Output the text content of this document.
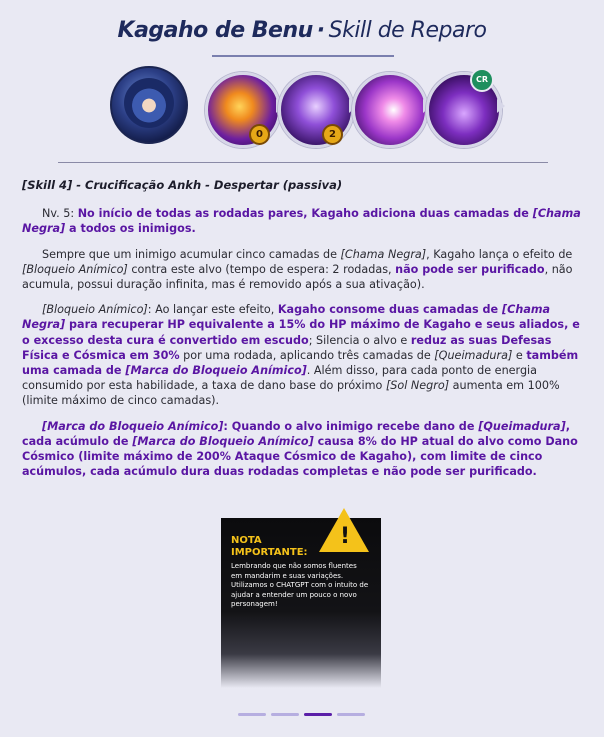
Kagaho de Benu · Skill de Reparo
0	2
CR

[Skill 4] - Crucificação Ankh - Despertar (passiva)

Nv. 5: No início de todas as rodadas pares, Kagaho adiciona duas camadas de [Chama Negra] a todos os inimigos.

Sempre que um inimigo acumular cinco camadas de [Chama Negra], Kagaho lança o efeito de [Bloqueio Anímico] contra este alvo (tempo de espera: 2 rodadas, não pode ser purificado, não acumula, possui duração infinita, mas é removido após a sua ativação).

[Bloqueio Anímico]: Ao lançar este efeito, Kagaho consome duas camadas de [Chama Negra] para recuperar HP equivalente a 15% do HP máximo de Kagaho e seus aliados, e o excesso desta cura é convertido em escudo; Silencia o alvo e reduz as suas Defesas Física e Cósmica em 30% por uma rodada, aplicando três camadas de [Queimadura] e também uma camada de [Marca do Bloqueio Anímico]. Além disso, para cada ponto de energia consumido por esta habilidade, a taxa de dano base do próximo [Sol Negro] aumenta em 100% (limite máximo de cinco camadas).

[Marca do Bloqueio Anímico]: Quando o alvo inimigo recebe dano de [Queimadura], cada acúmulo de [Marca do Bloqueio Anímico] causa 8% do HP atual do alvo como Dano Cósmico (limite máximo de 200% Ataque Cósmico de Kagaho), com limite de cinco acúmulos, cada acúmulo dura duas rodadas completas e não pode ser purificado.

!
NOTA
IMPORTANTE:
Lembrando que não somos fluentes em mandarim e suas variações. Utilizamos o CHATGPT com o intuito de ajudar a entender um pouco o novo personagem!
